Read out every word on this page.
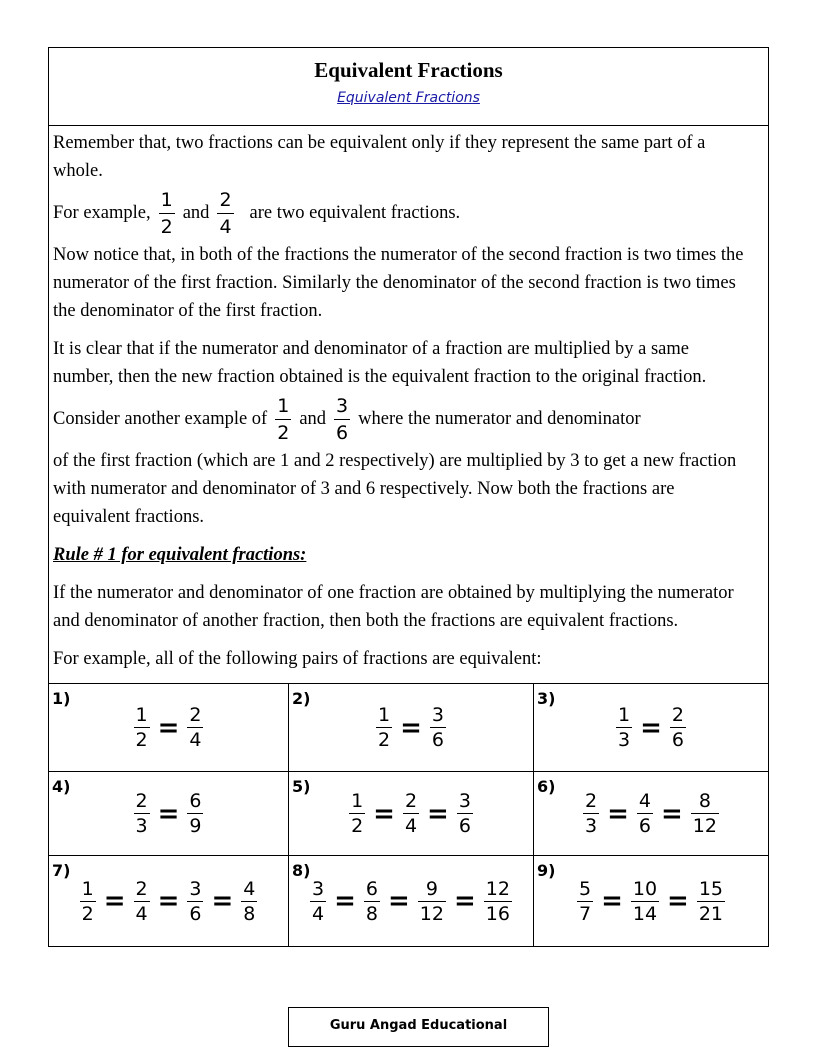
Equivalent Fractions
Equivalent Fractions

Remember that, two fractions can be equivalent only if they represent the same part of a whole.

For example, $\frac{1}{2}$ and $\frac{2}{4}$ are two equivalent fractions.

Now notice that, in both of the fractions the numerator of the second fraction is two times the numerator of the first fraction. Similarly the denominator of the second fraction is two times the denominator of the first fraction.

It is clear that if the numerator and denominator of a fraction are multiplied by a same number, then the new fraction obtained is the equivalent fraction to the original fraction.

Consider another example of $\frac{1}{2}$ and $\frac{3}{6}$ where the numerator and denominator

of the first fraction (which are 1 and 2 respectively) are multiplied by 3 to get a new fraction with numerator and denominator of 3 and 6 respectively. Now both the fractions are equivalent fractions.

Rule # 1 for equivalent fractions:

If the numerator and denominator of one fraction are obtained by multiplying the numerator and denominator of another fraction, then both the fractions are equivalent fractions.

For example, all of the following pairs of fractions are equivalent:

1)
$\frac{1}{2} = \frac{2}{4}$
2)
$\frac{1}{2} = \frac{3}{6}$
3)
$\frac{1}{3} = \frac{2}{6}$
4)
$\frac{2}{3} = \frac{6}{9}$
5)
$\frac{1}{2} = \frac{2}{4} = \frac{3}{6}$
6)
$\frac{2}{3} = \frac{4}{6} = \frac{8}{12}$
7)
$\frac{1}{2} = \frac{2}{4} = \frac{3}{6} = \frac{4}{8}$
8)
$\frac{3}{4} = \frac{6}{8} = \frac{9}{12} = \frac{12}{16}$
9)
$\frac{5}{7} = \frac{10}{14} = \frac{15}{21}$
Guru Angad Educational
